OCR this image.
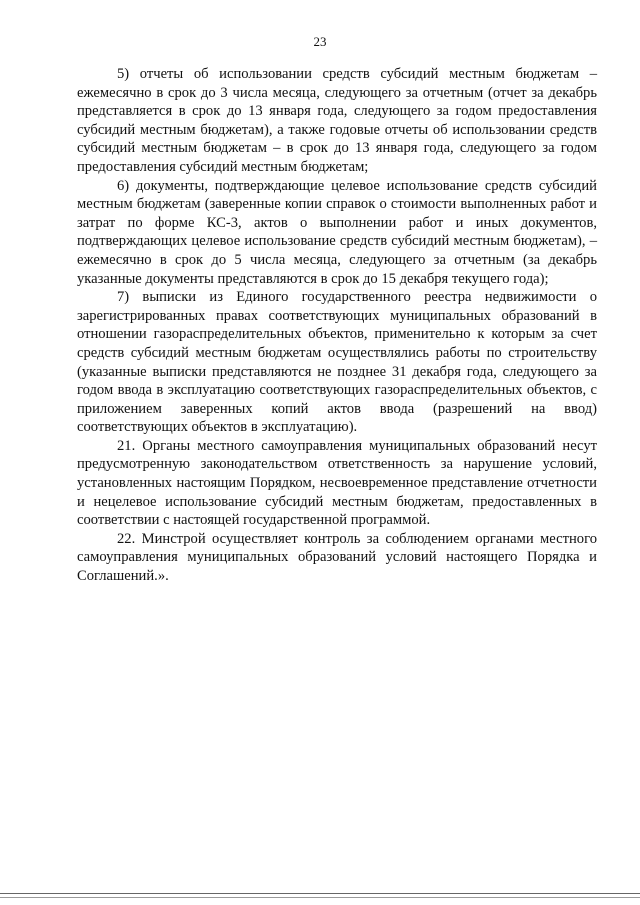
23

5) отчеты об использовании средств субсидий местным бюджетам – ежемесячно в срок до 3 числа месяца, следующего за отчетным (отчет за декабрь представляется в срок до 13 января года, следующего за годом предоставления субсидий местным бюджетам), а также годовые отчеты об использовании средств субсидий местным бюджетам – в срок до 13 января года, следующего за годом предоставления субсидий местным бюджетам;

6) документы, подтверждающие целевое использование средств субсидий местным бюджетам (заверенные копии справок о стоимости выполненных работ и затрат по форме КС-3, актов о выполнении работ и иных документов, подтверждающих целевое использование средств субсидий местным бюджетам), – ежемесячно в срок до 5 числа месяца, следующего за отчетным (за декабрь указанные документы представляются в срок до 15 декабря текущего года);

7) выписки из Единого государственного реестра недвижимости о зарегистрированных правах соответствующих муниципальных образований в отношении газораспределительных объектов, применительно к которым за счет средств субсидий местным бюджетам осуществлялись работы по строительству (указанные выписки представляются не позднее 31 декабря года, следующего за годом ввода в эксплуатацию соответствующих газораспределительных объектов, с приложением заверенных копий актов ввода (разрешений на ввод) соответствующих объектов в эксплуатацию).

21. Органы местного самоуправления муниципальных образований несут предусмотренную законодательством ответственность за нарушение условий, установленных настоящим Порядком, несвоевременное представление отчетности и нецелевое использование субсидий местным бюджетам, предоставленных в соответствии с настоящей государственной программой.

22. Минстрой осуществляет контроль за соблюдением органами местного самоуправления муниципальных образований условий настоящего Порядка и Соглашений.».
